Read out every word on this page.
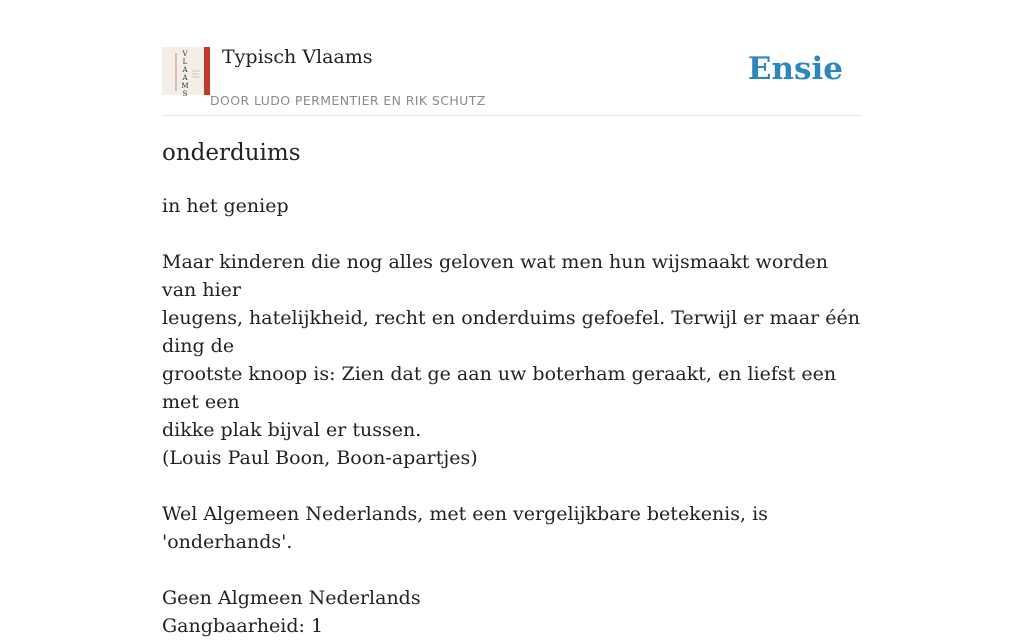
V
L
A
A
M
S
Typisch Vlaams
DOOR LUDO PERMENTIER EN RIK SCHUTZ
Ensie
onderduims

in het geniep

Maar kinderen die nog alles geloven wat men hun wijsmaakt worden van hier

leugens, hatelijkheid, recht en onderduims gefoefel. Terwijl er maar één ding de

grootste knoop is: Zien dat ge aan uw boterham geraakt, en liefst een met een

dikke plak bijval er tussen.

(Louis Paul Boon, Boon-apartjes)

Wel Algemeen Nederlands, met een vergelijkbare betekenis, is 'onderhands'.

Geen Algmeen Nederlands

Gangbaarheid: 1
